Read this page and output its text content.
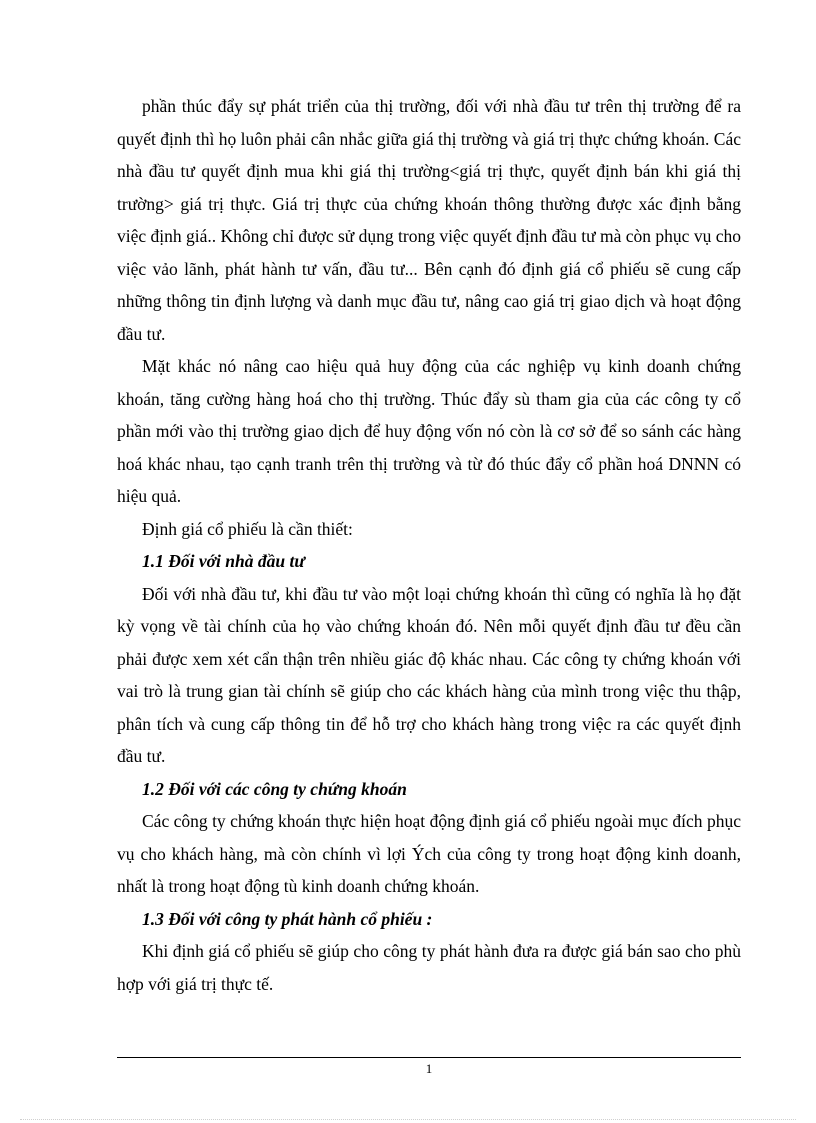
phần thúc đẩy sự phát triển của thị trường, đối với nhà đầu tư trên thị trường để ra quyết định thì họ luôn phải cân nhắc giữa giá thị trường và giá trị thực chứng khoán. Các nhà đầu tư quyết định mua khi giá thị trường<giá trị thực, quyết định bán khi giá thị trường> giá trị thực. Giá trị thực của chứng khoán thông thường được xác định bằng việc định giá.. Không chỉ được sử dụng trong việc quyết định đầu tư mà còn phục vụ cho việc vảo lãnh, phát hành tư vấn, đầu tư... Bên cạnh đó định giá cổ phiếu sẽ cung cấp những thông tin định lượng và danh mục đầu tư, nâng cao giá trị giao dịch và hoạt động đầu tư.

Mặt khác nó nâng cao hiệu quả huy động của các nghiệp vụ kinh doanh chứng khoán, tăng cường hàng hoá cho thị trường. Thúc đẩy sù tham gia của các công ty cổ phần mới vào thị trường giao dịch để huy động vốn nó còn là cơ sở để so sánh các hàng hoá khác nhau, tạo cạnh tranh trên thị trường và từ đó thúc đẩy cổ phần hoá DNNN có hiệu quả.

Định giá cổ phiếu là cần thiết:

1.1 Đối với nhà đầu tư

Đối với nhà đầu tư, khi đầu tư vào một loại chứng khoán thì cũng có nghĩa là họ đặt kỳ vọng về tài chính của họ vào chứng khoán đó. Nên mỗi quyết định đầu tư đều cần phải được xem xét cẩn thận trên nhiều giác độ khác nhau. Các công ty chứng khoán với vai trò là trung gian tài chính sẽ giúp cho các khách hàng của mình trong việc thu thập, phân tích và cung cấp thông tin để hỗ trợ cho khách hàng trong việc ra các quyết định đầu tư.

1.2 Đối với các công ty chứng khoán

Các công ty chứng khoán thực hiện hoạt động định giá cổ phiếu ngoài mục đích phục vụ cho khách hàng, mà còn chính vì lợi Ých của công ty trong hoạt động kinh doanh, nhất là trong hoạt động tù kinh doanh chứng khoán.

1.3 Đối với công ty phát hành cổ phiếu :

Khi định giá cổ phiếu sẽ giúp cho công ty phát hành đưa ra được giá bán sao cho phù hợp với giá trị thực tế.

1
